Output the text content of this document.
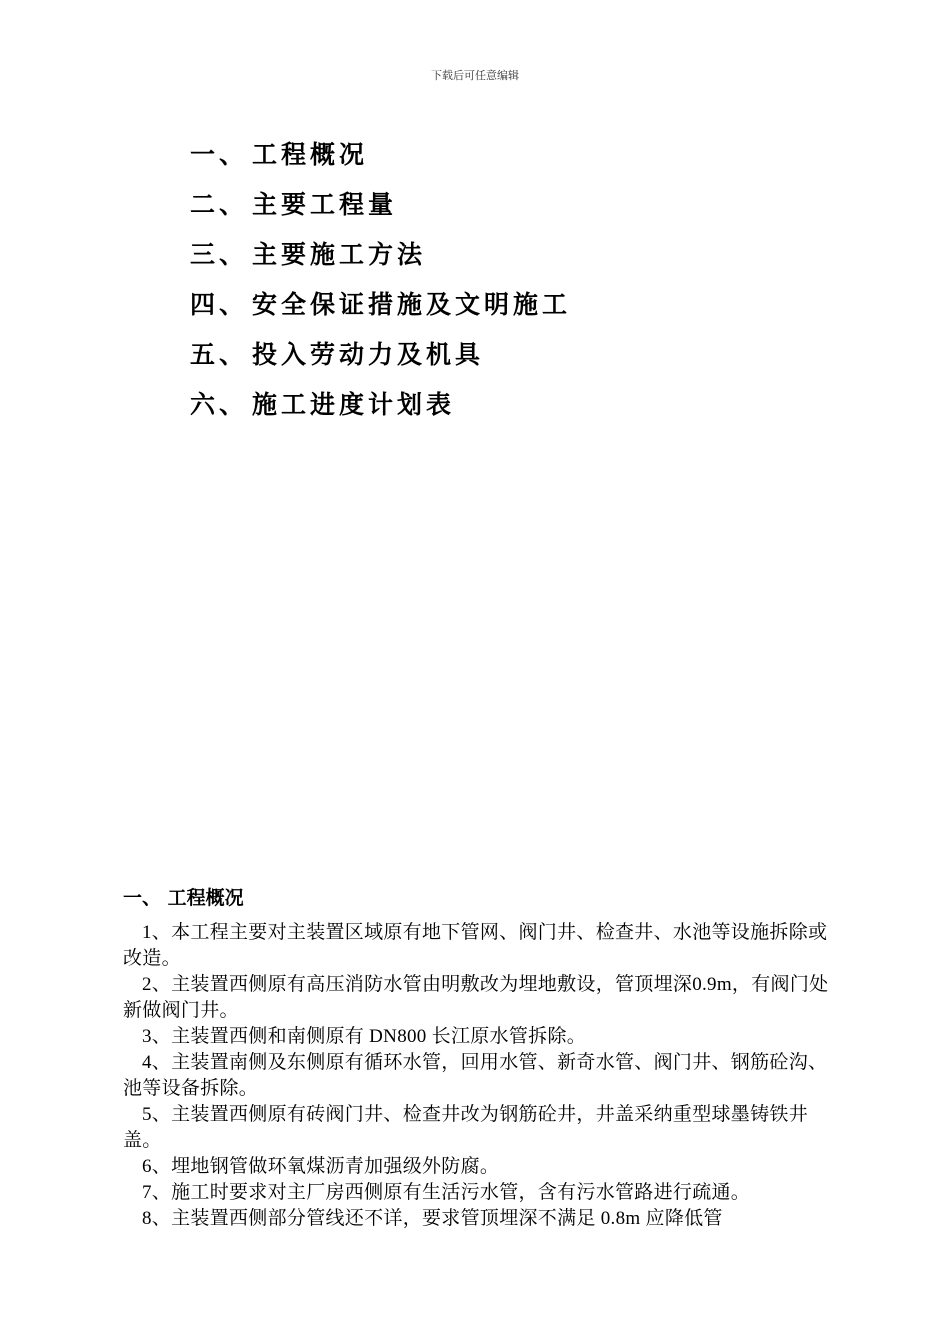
下载后可任意编辑
一、 工程概况
二、 主要工程量
三、 主要施工方法
四、 安全保证措施及文明施工
五、 投入劳动力及机具
六、 施工进度计划表
一、 工程概况

1、本工程主要对主装置区域原有地下管网、阀门井、检查井、水池等设施拆除或改造。

2、主装置西侧原有高压消防水管由明敷改为埋地敷设，管顶埋深0.9m，有阀门处新做阀门井。

3、主装置西侧和南侧原有 DN800 长江原水管拆除。

4、主装置南侧及东侧原有循环水管，回用水管、新奇水管、阀门井、钢筋砼沟、池等设备拆除。

5、主装置西侧原有砖阀门井、检查井改为钢筋砼井，井盖采纳重型球墨铸铁井盖。

6、埋地钢管做环氧煤沥青加强级外防腐。

7、施工时要求对主厂房西侧原有生活污水管，含有污水管路进行疏通。

8、主装置西侧部分管线还不详，要求管顶埋深不满足 0.8m 应降低管
